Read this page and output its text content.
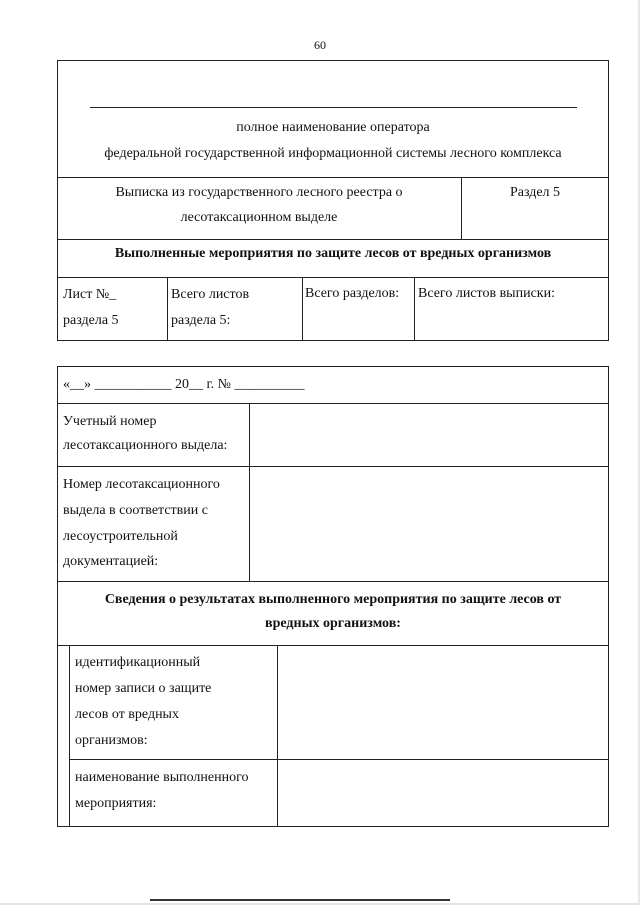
60
полное наименование оператора
федеральной государственной информационной системы лесного комплекса
Выписка из государственного лесного реестра о
лесотаксационном выделе
Раздел 5
Выполненные мероприятия по защите лесов от вредных организмов
Лист №_
раздела 5
Всего листов
раздела 5:
Всего разделов: Всего листов выписки:
«__» ___________ 20__ г. № __________
Учетный номер
лесотаксационного выдела:
Номер лесотаксационного
выдела в соответствии с
лесоустроительной
документацией:
Сведения о результатах выполненного мероприятия по защите лесов от
вредных организмов:
идентификационный
номер записи о защите
лесов от вредных
организмов:
наименование выполненного
мероприятия:
